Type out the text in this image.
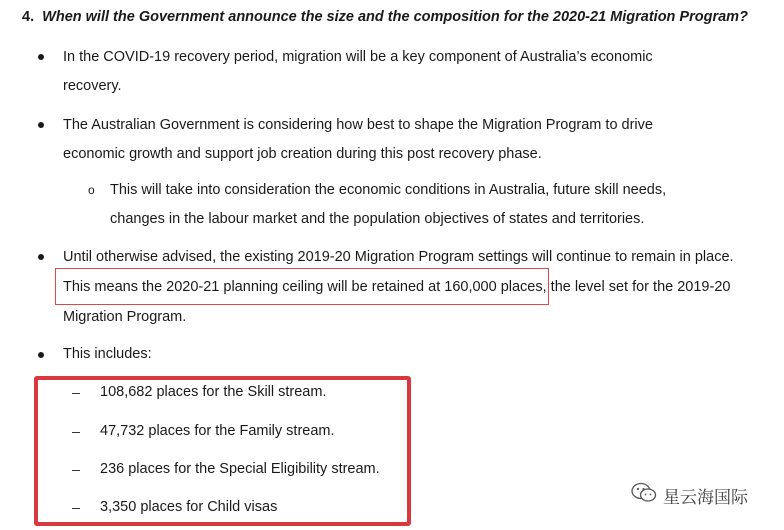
4. When will the Government announce the size and the composition for the 2020-21 Migration Program?
In the COVID-19 recovery period, migration will be a key component of Australia’s economic
recovery.
The Australian Government is considering how best to shape the Migration Program to drive
economic growth and support job creation during this post recovery phase.
o This will take into consideration the economic conditions in Australia, future skill needs,
changes in the labour market and the population objectives of states and territories.
Until otherwise advised, the existing 2019-20 Migration Program settings will continue to remain in place.
This means the 2020-21 planning ceiling will be retained at 160,000 places, the level set for the 2019-20
Migration Program.
This includes:
108,682 places for the Skill stream.
47,732 places for the Family stream.
236 places for the Special Eligibility stream.
3,350 places for Child visas	星云海国际
